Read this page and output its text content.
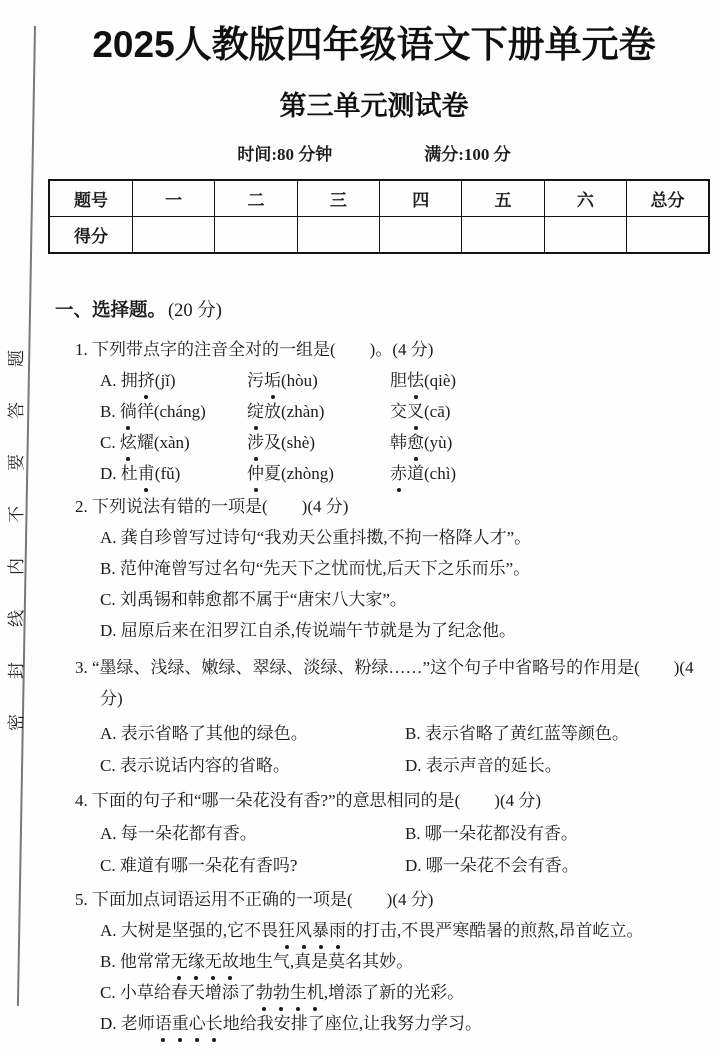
题
答
要
不
内
线
封
密
2025人教版四年级语文下册单元卷
第三单元测试卷
时间:80 分钟	满分:100 分
题号	一	二	三	四	五	六	总分
得分							
一、选择题。 (20 分)

1. 下列带点字的注音全对的一组是(　　)。(4 分)

A. 拥挤(jǐ)	污垢(hòu)	胆怯(qiè)
B. 徜徉(cháng)	绽放(zhàn)	交叉(cā)
C. 炫耀(xàn)	涉及(shè)	韩愈(yù)
D. 杜甫(fǔ)	仲夏(zhòng)	赤道(chì)

2. 下列说法有错的一项是(　　)(4 分)

A. 龚自珍曾写过诗句“我劝天公重抖擞,不拘一格降人才”。

B. 范仲淹曾写过名句“先天下之忧而忧,后天下之乐而乐”。

C. 刘禹锡和韩愈都不属于“唐宋八大家”。

D. 屈原后来在汨罗江自杀,传说端午节就是为了纪念他。

3. “墨绿、浅绿、嫩绿、翠绿、淡绿、粉绿……”这个句子中省略号的作用是(　　)(4

分)

A. 表示省略了其他的绿色。	B. 表示省略了黄红蓝等颜色。
C. 表示说话内容的省略。	D. 表示声音的延长。

4. 下面的句子和“哪一朵花没有香?”的意思相同的是(　　)(4 分)

A. 每一朵花都有香。	B. 哪一朵花都没有香。
C. 难道有哪一朵花有香吗?	D. 哪一朵花不会有香。

5. 下面加点词语运用不正确的一项是(　　)(4 分)

A. 大树是坚强的,它不畏狂风暴雨的打击,不畏严寒酷暑的煎熬,昂首屹立。

B. 他常常无缘无故地生气,真是莫名其妙。

C. 小草给春天增添了勃勃生机,增添了新的光彩。

D. 老师语重心长地给我安排了座位,让我努力学习。
